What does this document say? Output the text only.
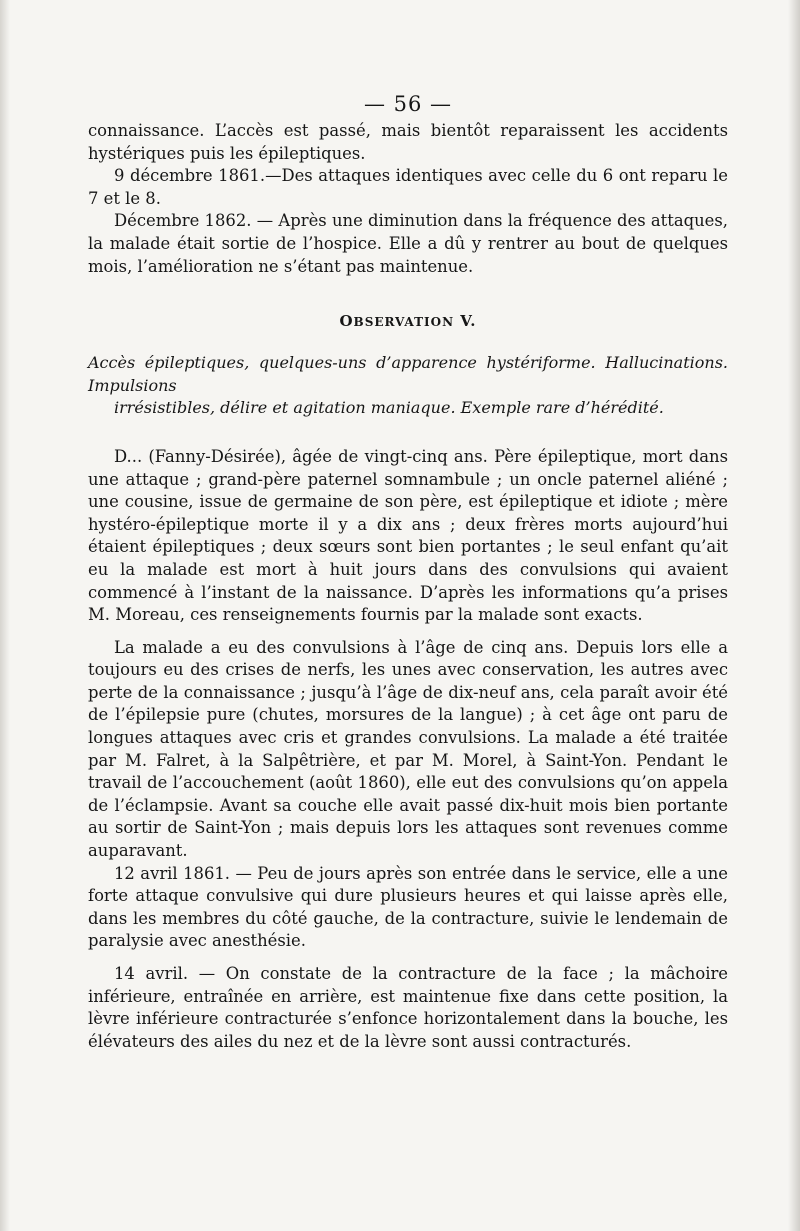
— 56 —

connaissance. L’accès est passé, mais bientôt reparaissent les accidents hystériques puis les épileptiques.

9 décembre 1861.—Des attaques identiques avec celle du 6 ont reparu le 7 et le 8.

Décembre 1862. — Après une diminution dans la fréquence des attaques, la malade était sortie de l’hospice. Elle a dû y rentrer au bout de quelques mois, l’amélioration ne s’étant pas maintenue.

OBSERVATION V.
Accès épileptiques, quelques-uns d’apparence hystériforme. Hallucinations. Impulsions
irrésistibles, délire et agitation maniaque. Exemple rare d’hérédité.

D... (Fanny-Désirée), âgée de vingt-cinq ans. Père épileptique, mort dans une attaque ; grand-père paternel somnambule ; un oncle paternel aliéné ; une cousine, issue de germaine de son père, est épileptique et idiote ; mère hystéro-épileptique morte il y a dix ans ; deux frères morts aujourd’hui étaient épileptiques ; deux sœurs sont bien portantes ; le seul enfant qu’ait eu la malade est mort à huit jours dans des convulsions qui avaient commencé à l’instant de la naissance. D’après les informations qu’a prises M. Moreau, ces renseignements fournis par la malade sont exacts.

La malade a eu des convulsions à l’âge de cinq ans. Depuis lors elle a toujours eu des crises de nerfs, les unes avec conservation, les autres avec perte de la connaissance ; jusqu’à l’âge de dix-neuf ans, cela paraît avoir été de l’épilepsie pure (chutes, morsures de la langue) ; à cet âge ont paru de longues attaques avec cris et grandes convulsions. La malade a été traitée par M. Falret, à la Salpêtrière, et par M. Morel, à Saint-Yon. Pendant le travail de l’accouchement (août 1860), elle eut des convulsions qu’on appela de l’éclampsie. Avant sa couche elle avait passé dix-huit mois bien portante au sortir de Saint-Yon ; mais depuis lors les attaques sont revenues comme auparavant.

12 avril 1861. — Peu de jours après son entrée dans le service, elle a une forte attaque convulsive qui dure plusieurs heures et qui laisse après elle, dans les membres du côté gauche, de la contracture, suivie le lendemain de paralysie avec anesthésie.

14 avril. — On constate de la contracture de la face ; la mâchoire inférieure, entraînée en arrière, est maintenue fixe dans cette position, la lèvre inférieure contracturée s’enfonce horizontalement dans la bouche, les élévateurs des ailes du nez et de la lèvre sont aussi contracturés.
